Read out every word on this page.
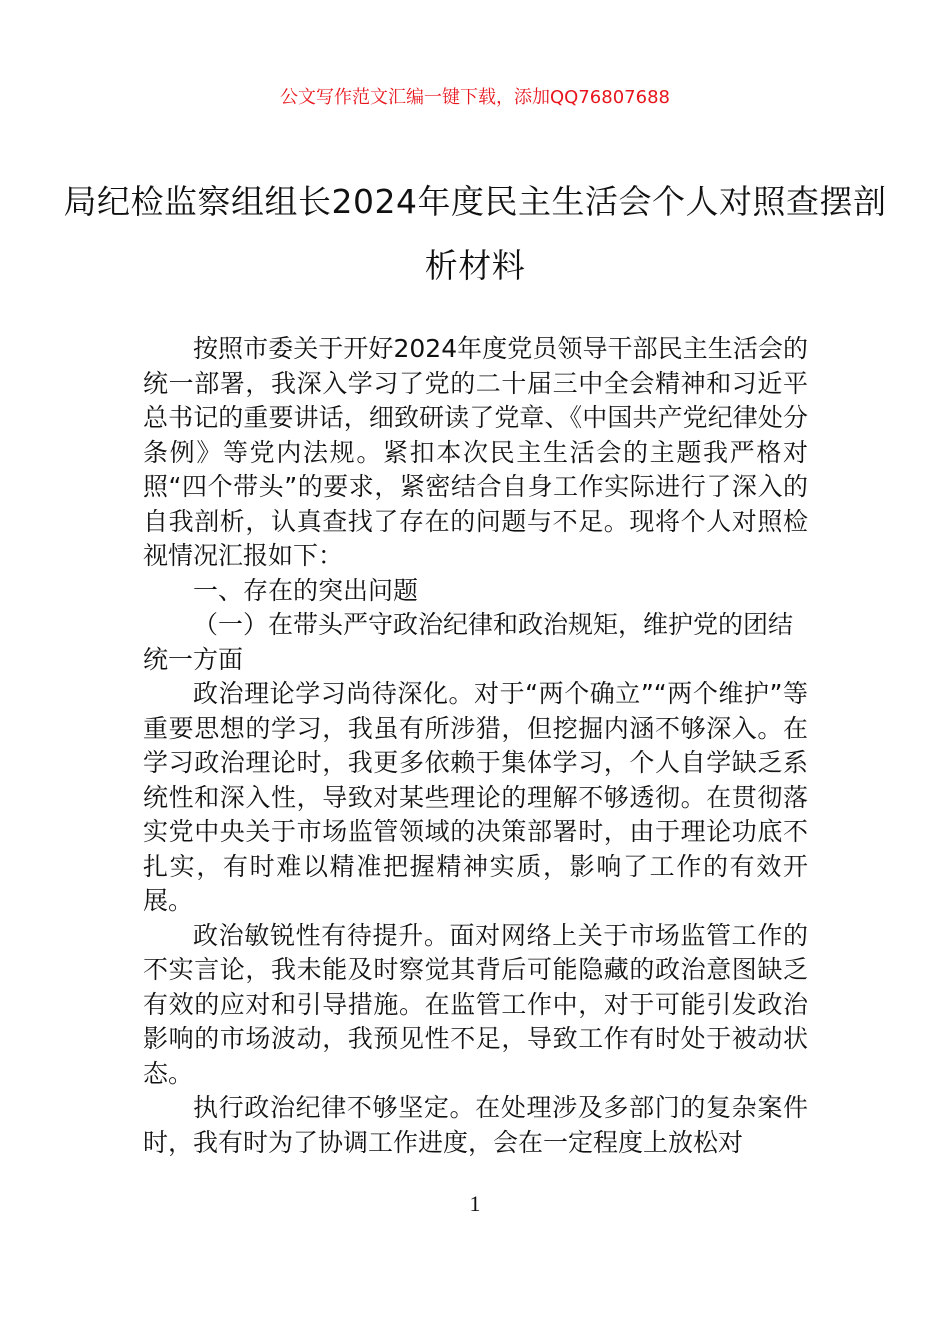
公文写作范文汇编一键下载，添加QQ76807688
局纪检监察组组长2024年度民主生活会个人对照查摆剖析材料

按照市委关于开好2024年度党员领导干部民主生活会的统一部署，我深入学习了党的二十届三中全会精神和习近平总书记的重要讲话，细致研读了党章、《中国共产党纪律处分条例》等党内法规。紧扣本次民主生活会的主题我严格对照“四个带头”的要求，紧密结合自身工作实际进行了深入的自我剖析，认真查找了存在的问题与不足。现将个人对照检视情况汇报如下：

一、存在的突出问题

（一）在带头严守政治纪律和政治规矩，维护党的团结统一方面

政治理论学习尚待深化。对于“两个确立”“两个维护”等重要思想的学习，我虽有所涉猎，但挖掘内涵不够深入。在学习政治理论时，我更多依赖于集体学习，个人自学缺乏系统性和深入性，导致对某些理论的理解不够透彻。在贯彻落实党中央关于市场监管领域的决策部署时，由于理论功底不扎实，有时难以精准把握精神实质，影响了工作的有效开展。

政治敏锐性有待提升。面对网络上关于市场监管工作的不实言论，我未能及时察觉其背后可能隐藏的政治意图缺乏有效的应对和引导措施。在监管工作中，对于可能引发政治影响的市场波动，我预见性不足，导致工作有时处于被动状态。

执行政治纪律不够坚定。在处理涉及多部门的复杂案件时，我有时为了协调工作进度，会在一定程度上放松对

1
